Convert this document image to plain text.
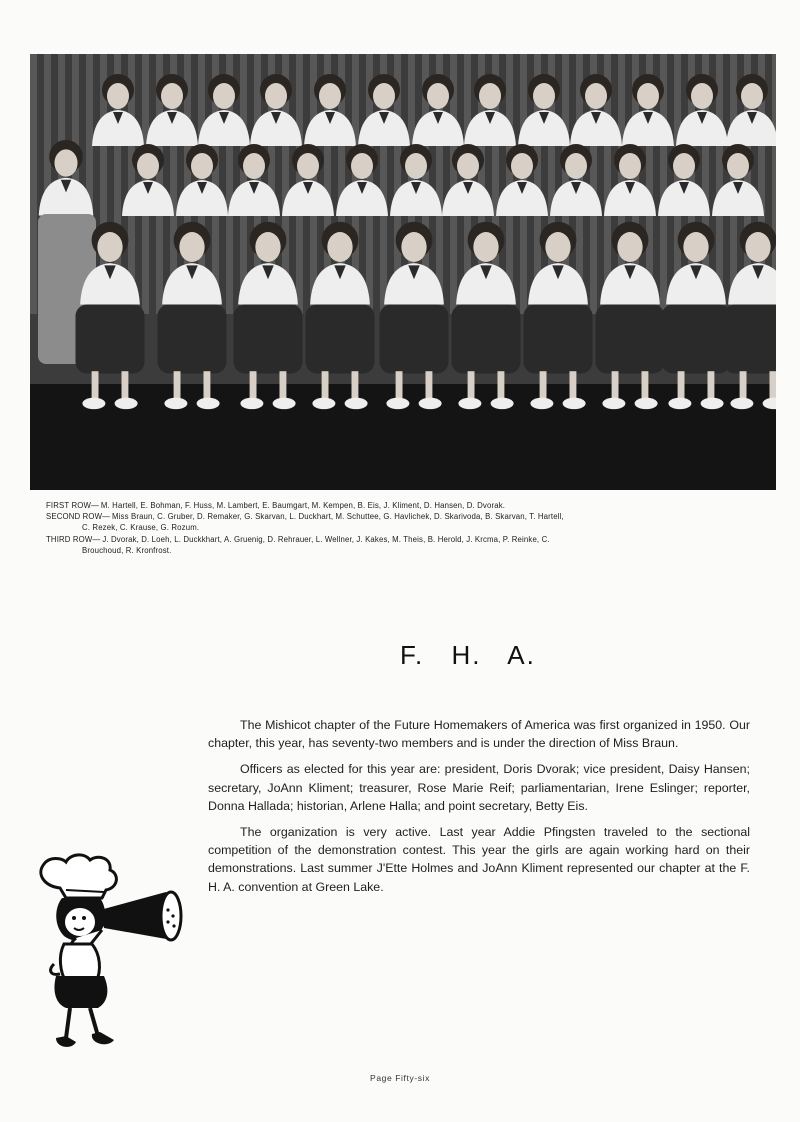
FIRST ROW— M. Hartell, E. Bohman, F. Huss, M. Lambert, E. Baumgart, M. Kempen, B. Eis, J. Kliment, D. Hansen, D. Dvorak.
SECOND ROW— Miss Braun, C. Gruber, D. Remaker, G. Skarvan, L. Duckhart, M. Schuttee, G. Havlichek, D. Skarivoda, B. Skarvan, T. Hartell,
C. Rezek, C. Krause, G. Rozum.
THIRD ROW— J. Dvorak, D. Loeh, L. Duckkhart, A. Gruenig, D. Rehrauer, L. Wellner, J. Kakes, M. Theis, B. Herold, J. Krcma, P. Reinke, C.
Brouchoud, R. Kronfrost.
F. H. A.

The Mishicot chapter of the Future Homemakers of America was first organized in 1950. Our chapter, this year, has seventy-two members and is under the direction of Miss Braun.

Officers as elected for this year are: president, Doris Dvorak; vice president, Daisy Hansen; secretary, JoAnn Kliment; treasurer, Rose Marie Reif; parliamentarian, Irene Eslinger; reporter, Donna Hallada; historian, Arlene Halla; and point secretary, Betty Eis.

The organization is very active. Last year Addie Pfingsten traveled to the sectional competition of the demonstration contest. This year the girls are again working hard on their demonstrations. Last summer J'Ette Holmes and JoAnn Kliment represented our chapter at the F. H. A. convention at Green Lake.

Page Fifty-six
